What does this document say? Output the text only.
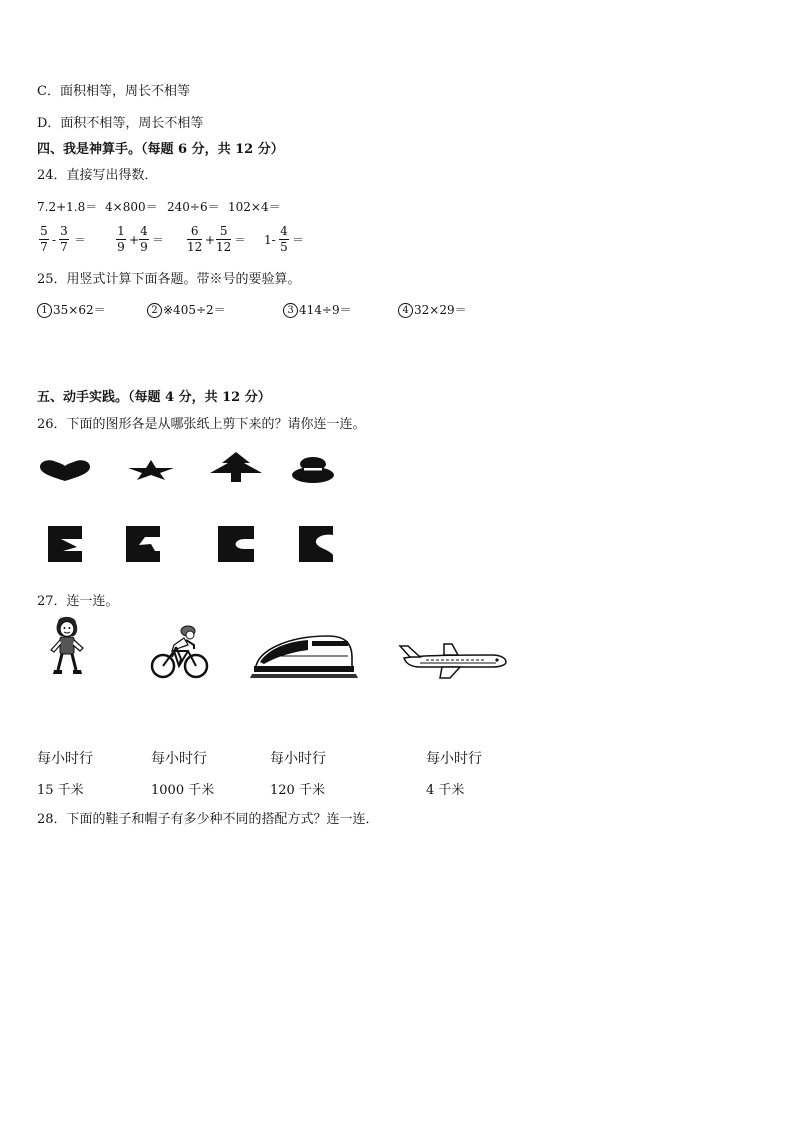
C．面积相等，周长不相等
D．面积不相等，周长不相等
四、我是神算手。（每题 6 分，共 12 分）
24．直接写出得数．
7.2+1.8＝ 4×800＝ 240÷6＝ 102×4＝
5
7 -
3
7 ＝
1
9 +
4
9 ＝
6
12 +
5
12 ＝ 1-
4
5 ＝
25．用竖式计算下面各题。带※号的要验算。
1 35×62＝	2 ※405÷2＝	3 414÷9＝	4 32×29＝
五、动手实践。（每题 4 分，共 12 分）
26．下面的图形各是从哪张纸上剪下来的？请你连一连。
27．连一连。
每小时行	每小时行	每小时行	每小时行
15 千米	1000 千米	120 千米	4 千米
28．下面的鞋子和帽子有多少种不同的搭配方式？连一连．
